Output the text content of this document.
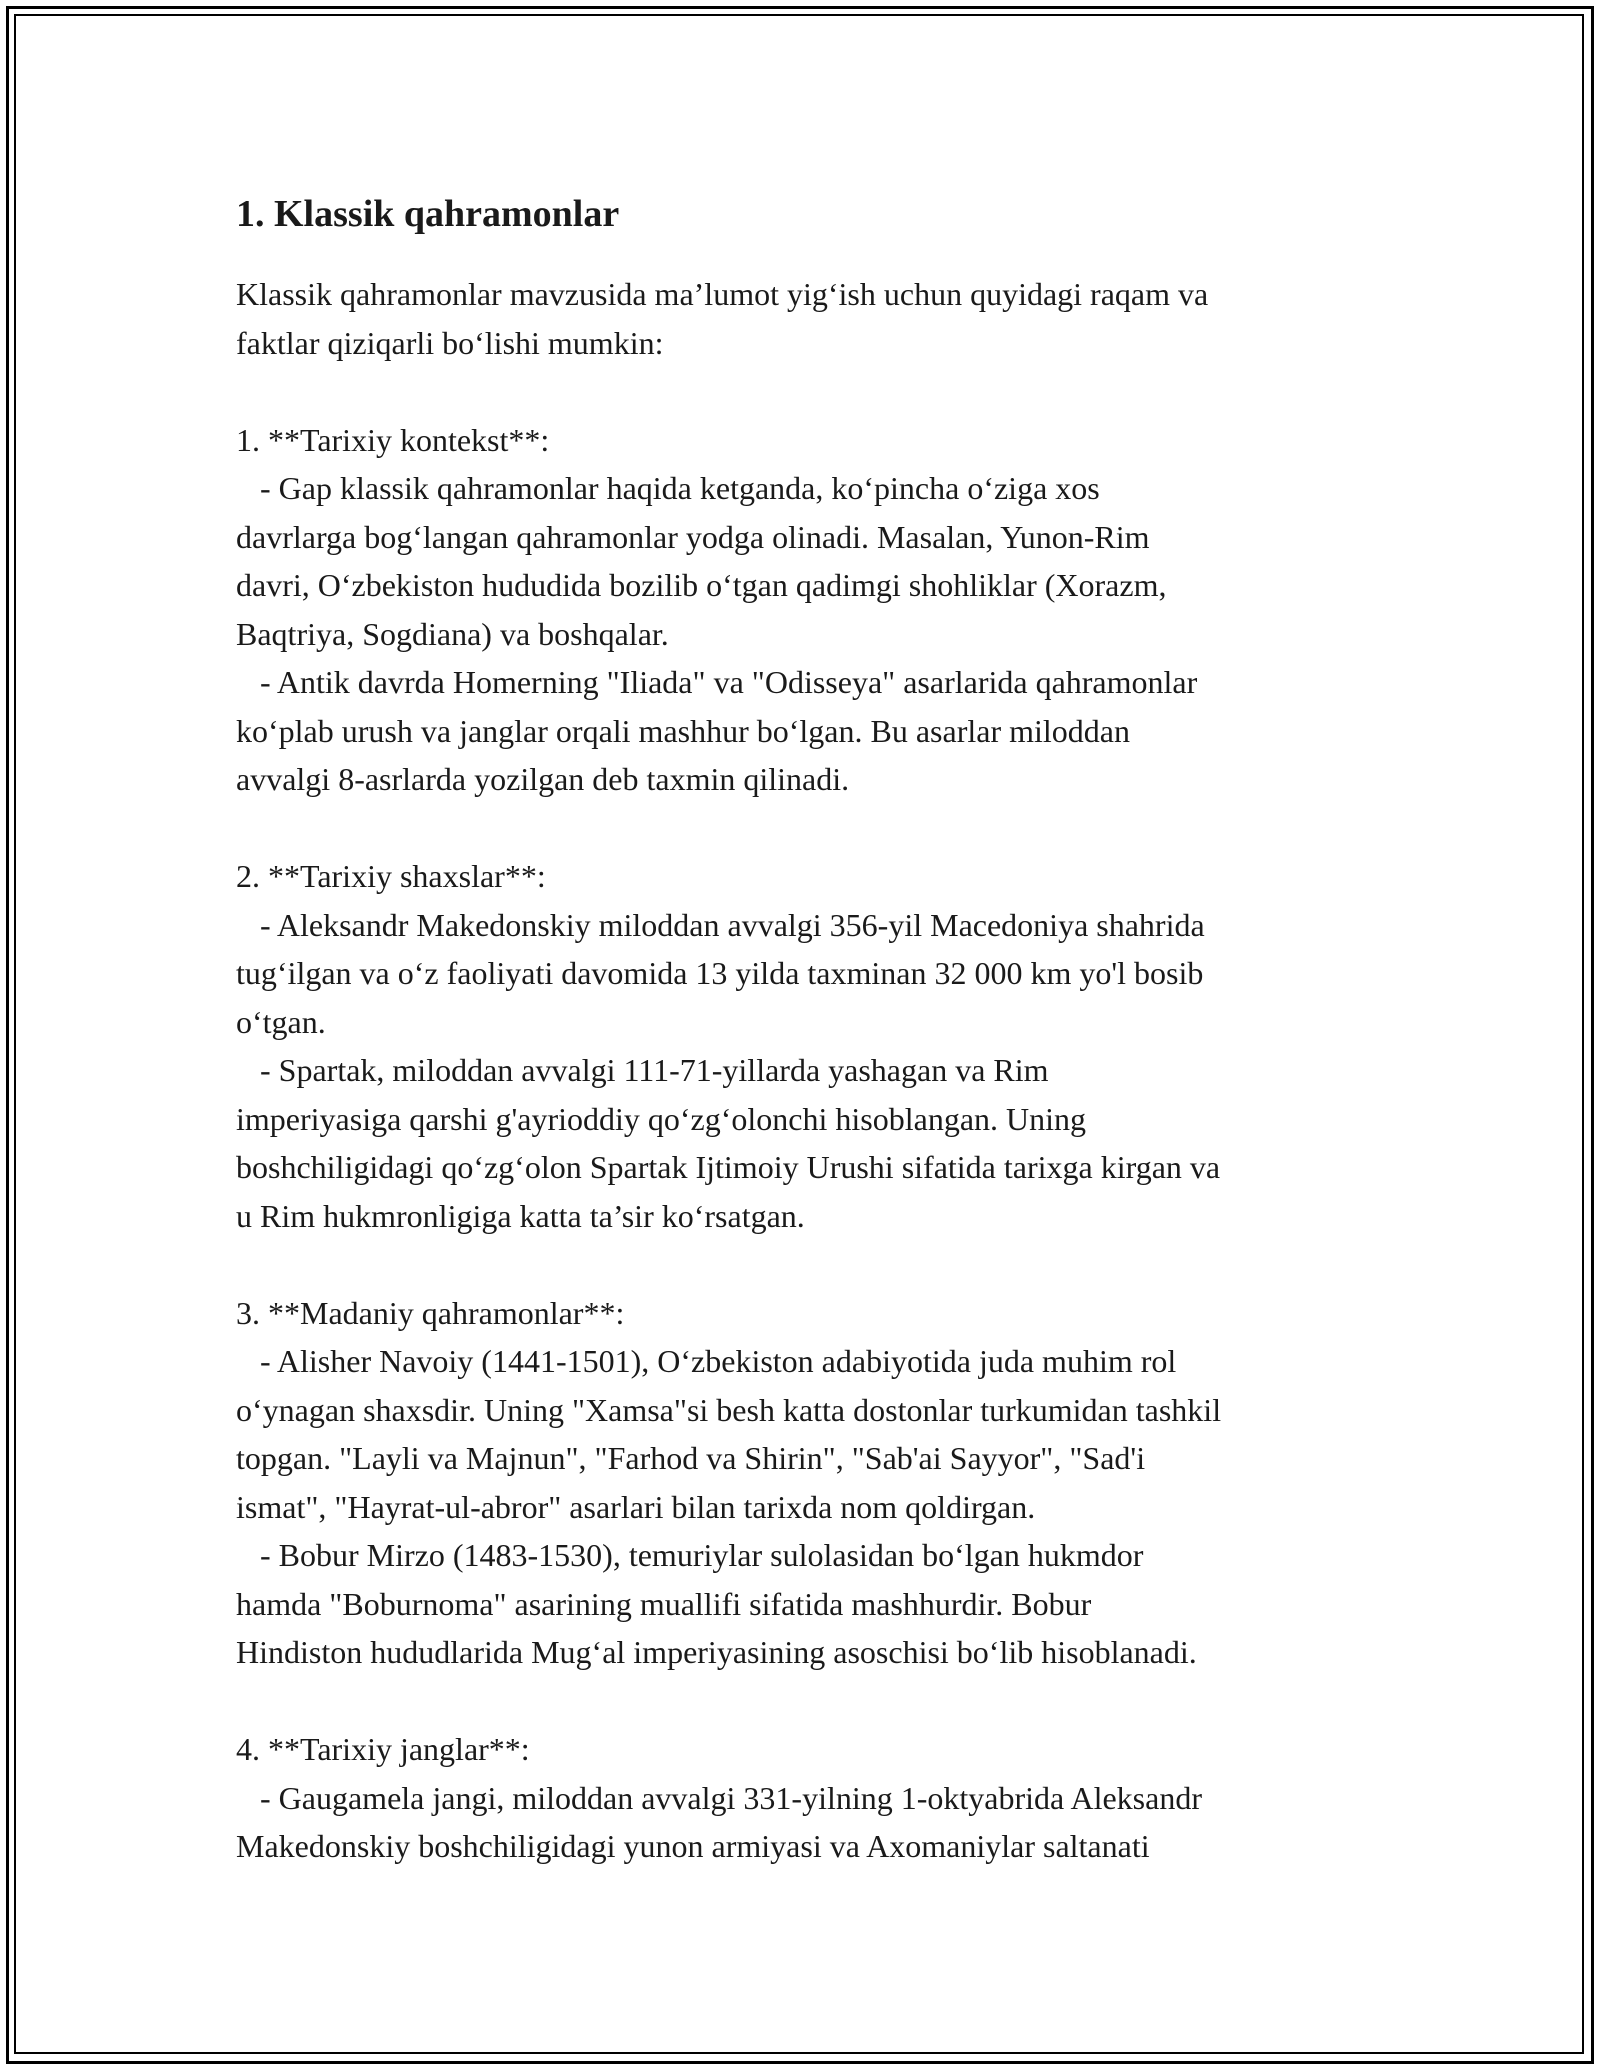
1. Klassik qahramonlar

Klassik qahramonlar mavzusida ma’lumot yig‘ish uchun quyidagi raqam va
faktlar qiziqarli bo‘lishi mumkin:

1. **Tarixiy kontekst**:

- Gap klassik qahramonlar haqida ketganda, ko‘pincha o‘ziga xos
davrlarga bog‘langan qahramonlar yodga olinadi. Masalan, Yunon-Rim
davri, O‘zbekiston hududida bozilib o‘tgan qadimgi shohliklar (Xorazm,
Baqtriya, Sogdiana) va boshqalar.

- Antik davrda Homerning "Iliada" va "Odisseya" asarlarida qahramonlar
ko‘plab urush va janglar orqali mashhur bo‘lgan. Bu asarlar miloddan
avvalgi 8-asrlarda yozilgan deb taxmin qilinadi.

2. **Tarixiy shaxslar**:

- Aleksandr Makedonskiy miloddan avvalgi 356-yil Macedoniya shahrida
tug‘ilgan va o‘z faoliyati davomida 13 yilda taxminan 32 000 km yo'l bosib
o‘tgan.

- Spartak, miloddan avvalgi 111-71-yillarda yashagan va Rim
imperiyasiga qarshi g'ayrioddiy qo‘zg‘olonchi hisoblangan. Uning
boshchiligidagi qo‘zg‘olon Spartak Ijtimoiy Urushi sifatida tarixga kirgan va
u Rim hukmronligiga katta ta’sir ko‘rsatgan.

3. **Madaniy qahramonlar**:

- Alisher Navoiy (1441-1501), O‘zbekiston adabiyotida juda muhim rol
o‘ynagan shaxsdir. Uning "Xamsa"si besh katta dostonlar turkumidan tashkil
topgan. "Layli va Majnun", "Farhod va Shirin", "Sab'ai Sayyor", "Sad'i
ismat", "Hayrat-ul-abror" asarlari bilan tarixda nom qoldirgan.

- Bobur Mirzo (1483-1530), temuriylar sulolasidan bo‘lgan hukmdor
hamda "Boburnoma" asarining muallifi sifatida mashhurdir. Bobur
Hindiston hududlarida Mug‘al imperiyasining asoschisi bo‘lib hisoblanadi.

4. **Tarixiy janglar**:

- Gaugamela jangi, miloddan avvalgi 331-yilning 1-oktyabrida Aleksandr
Makedonskiy boshchiligidagi yunon armiyasi va Axomaniylar saltanati
